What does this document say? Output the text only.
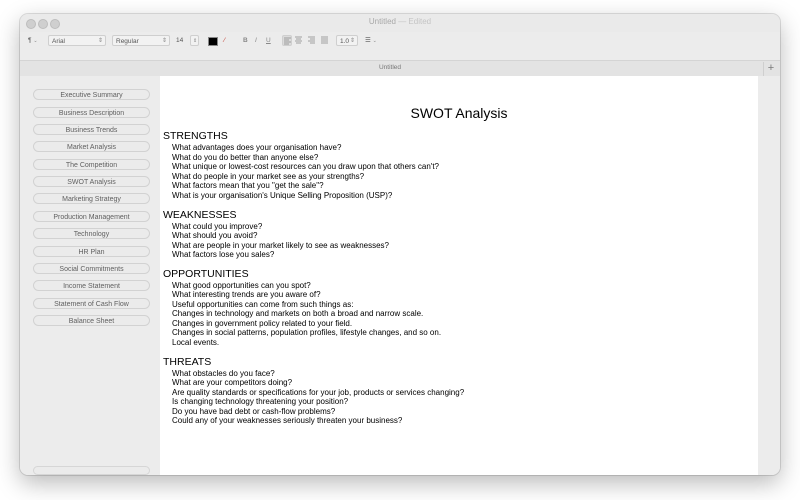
Untitled — Edited
¶ ⌄	Arial	⇕	Regular	⇕ 14	⇕	⁄	B	I	U	1.0 ⇕ ☰ ⌄
Untitled	+
Executive Summary
Business Description
Business Trends
Market Analysis
The Competition
SWOT Analysis
Marketing Strategy
Production Management
Technology
HR Plan
Social Commitments
Income Statement
Statement of Cash Flow
Balance Sheet
SWOT Analysis
STRENGTHS
What advantages does your organisation have?
What do you do better than anyone else?
What unique or lowest-cost resources can you draw upon that others can't?
What do people in your market see as your strengths?
What factors mean that you "get the sale"?
What is your organisation's Unique Selling Proposition (USP)?
WEAKNESSES
What could you improve?
What should you avoid?
What are people in your market likely to see as weaknesses?
What factors lose you sales?
OPPORTUNITIES
What good opportunities can you spot?
What interesting trends are you aware of?
Useful opportunities can come from such things as:
Changes in technology and markets on both a broad and narrow scale.
Changes in government policy related to your field.
Changes in social patterns, population profiles, lifestyle changes, and so on.
Local events.
THREATS
What obstacles do you face?
What are your competitors doing?
Are quality standards or specifications for your job, products or services changing?
Is changing technology threatening your position?
Do you have bad debt or cash-flow problems?
Could any of your weaknesses seriously threaten your business?
